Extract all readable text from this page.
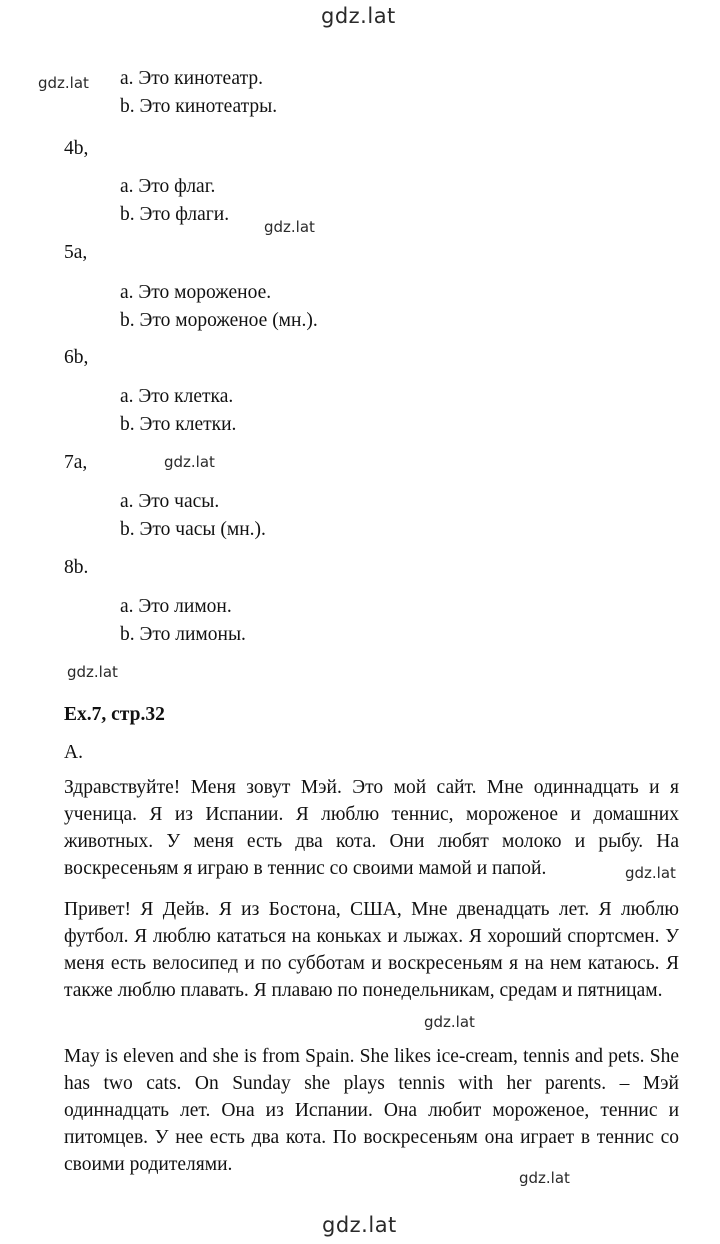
gdz.lat
gdz.lat
gdz.lat
gdz.lat
gdz.lat
gdz.lat
gdz.lat
gdz.lat
gdz.lat
a. Это кинотеатр.
b. Это кинотеатры.
4b,
a. Это флаг.
b. Это флаги.
5a,
a. Это мороженое.
b. Это мороженое (мн.).
6b,
a. Это клетка.
b. Это клетки.
7a,
a. Это часы.
b. Это часы (мн.).
8b.
a. Это лимон.
b. Это лимоны.
Ex.7, стр.32
A.

Здравствуйте! Меня зовут Мэй. Это мой сайт. Мне одиннадцать и я ученица. Я из Испании. Я люблю теннис, мороженое и домашних животных. У меня есть два кота. Они любят молоко и рыбу. На воскресеньям я играю в теннис со своими мамой и папой.

Привет! Я Дейв. Я из Бостона, США, Мне двенадцать лет. Я люблю футбол. Я люблю кататься на коньках и лыжах. Я хороший спортсмен. У меня есть велосипед и по субботам и воскресеньям я на нем катаюсь. Я также люблю плавать. Я плаваю по понедельникам, средам и пятницам.

May is eleven and she is from Spain. She likes ice-cream, tennis and pets. She has two cats. On Sunday she plays tennis with her parents. – Мэй одиннадцать лет. Она из Испании. Она любит мороженое, теннис и питомцев. У нее есть два кота. По воскресеньям она играет в теннис со своими родителями.
